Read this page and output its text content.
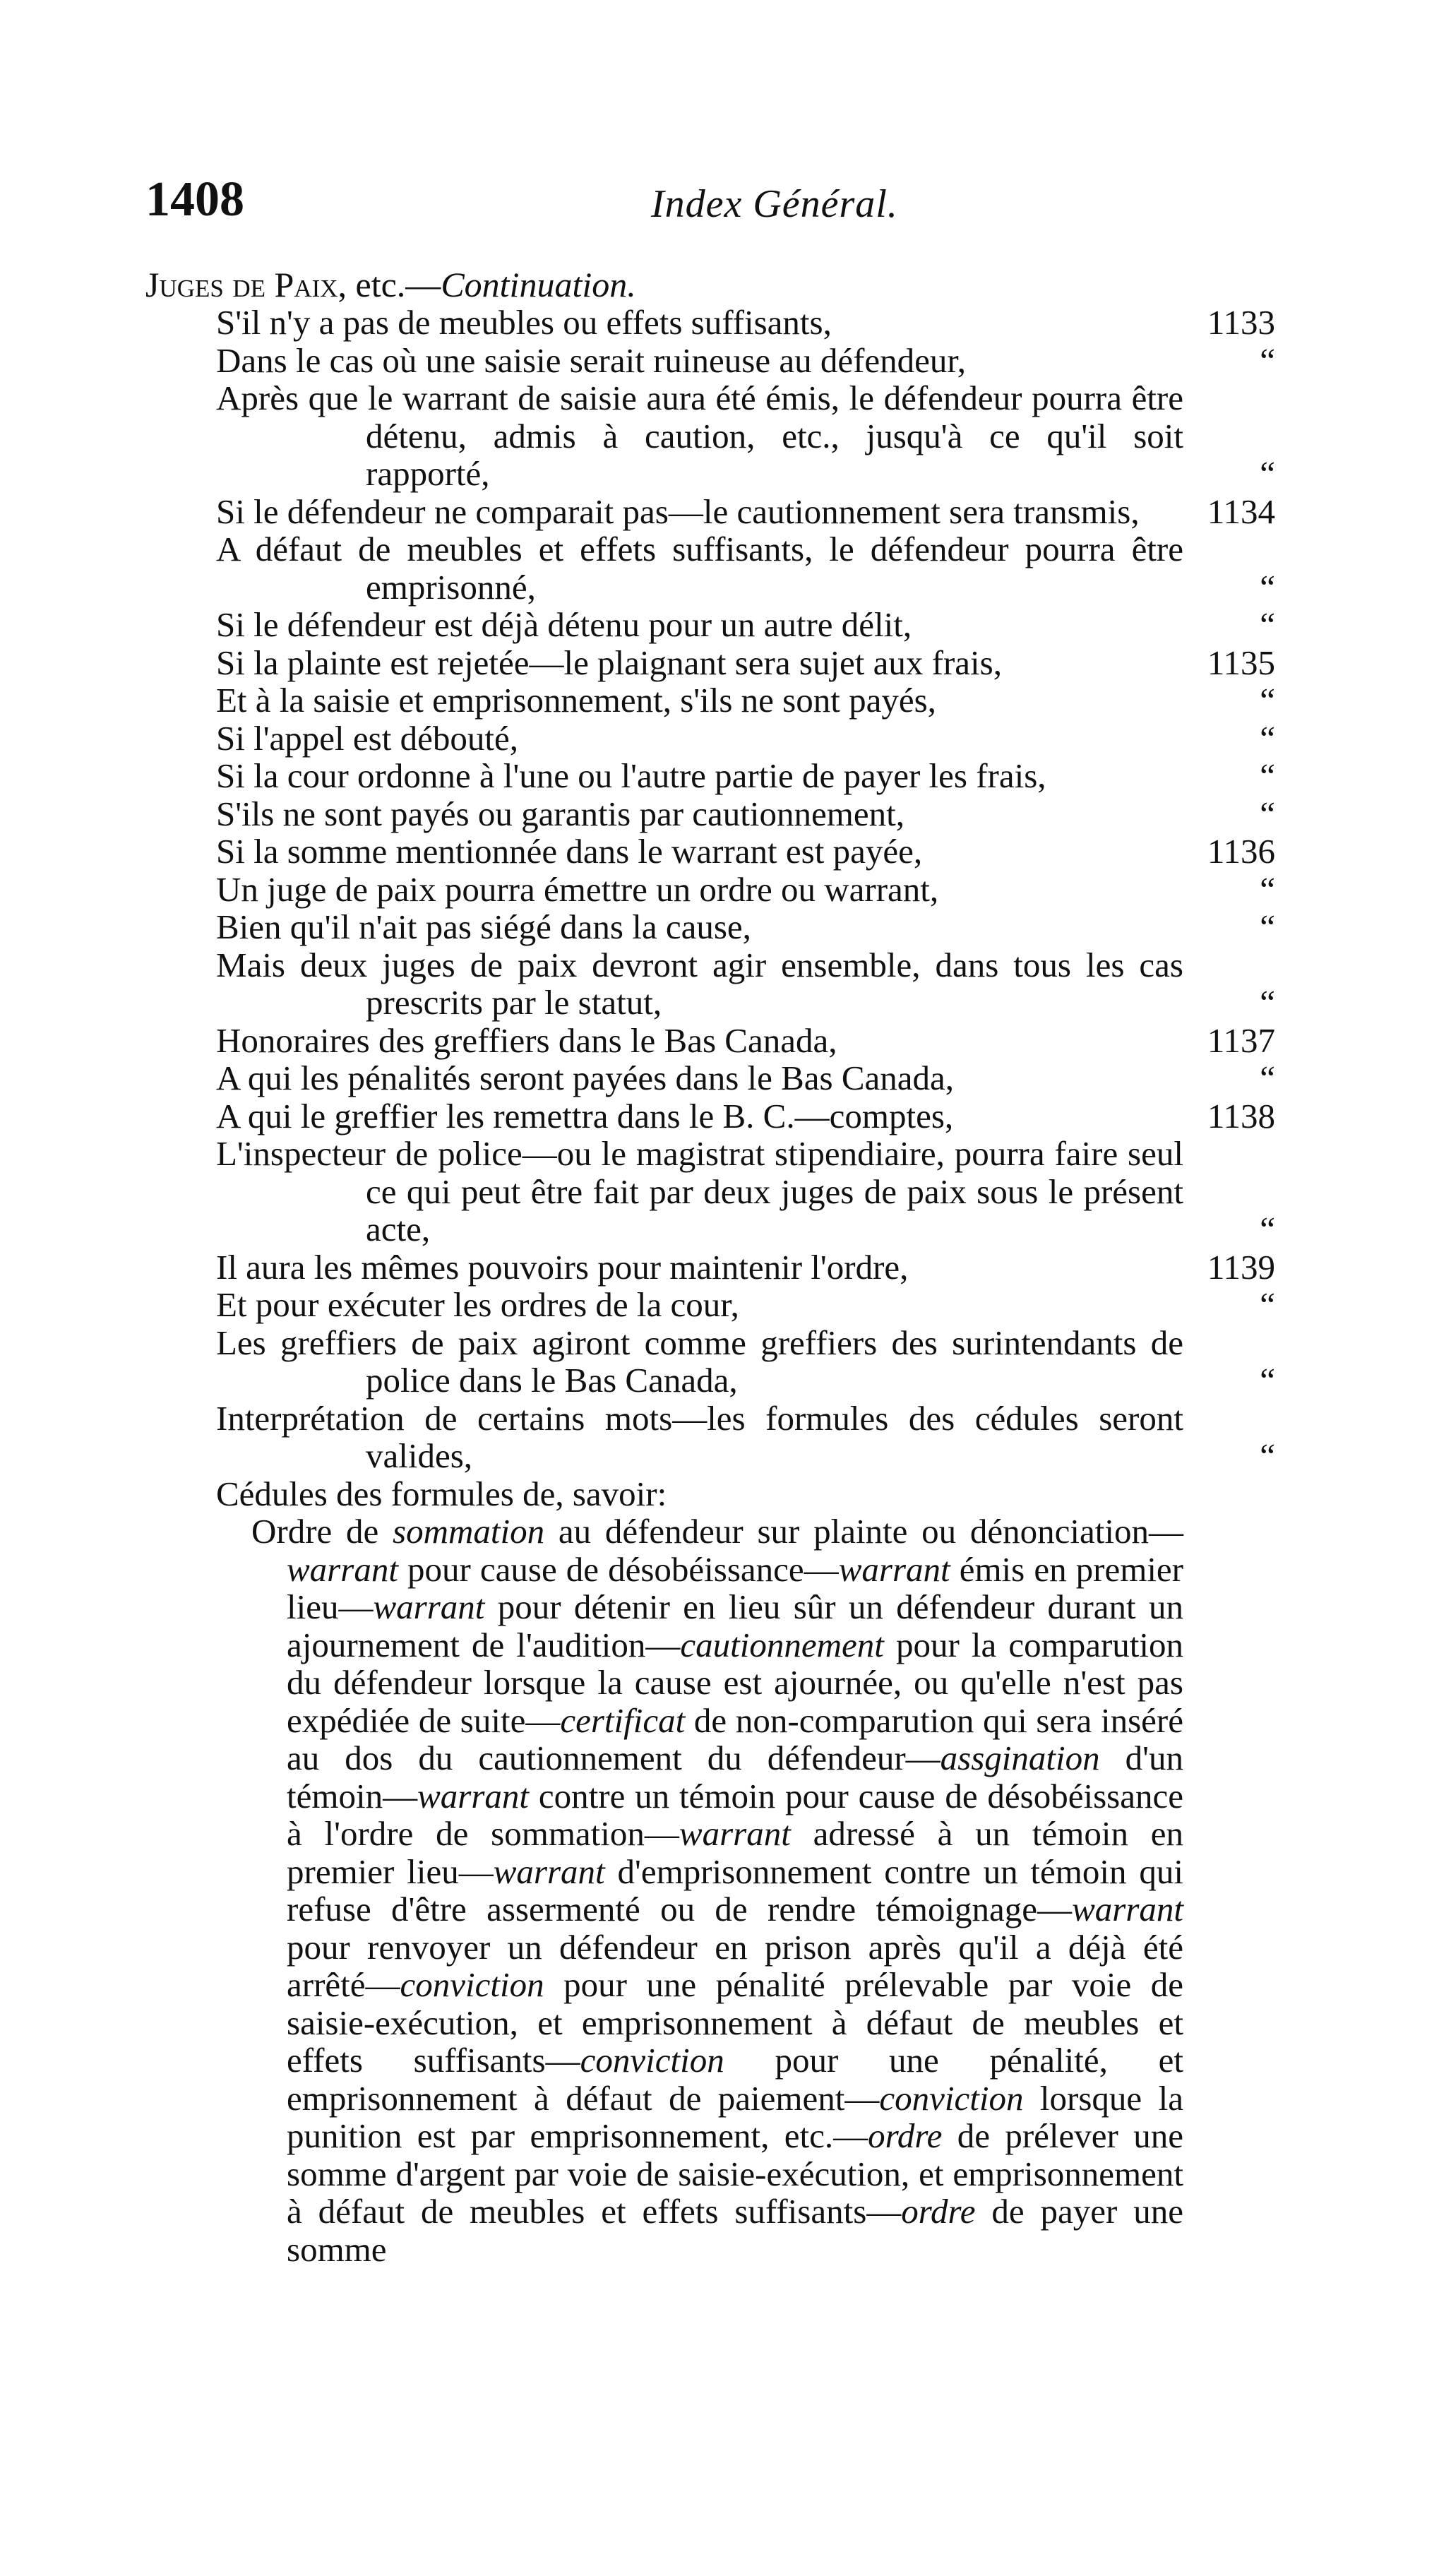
1408	Index Général.
Juges de Paix, etc.—Continuation.
S'il n'y a pas de meubles ou effets suffisants,	1133
Dans le cas où une saisie serait ruineuse au défendeur,	“
Après que le warrant de saisie aura été émis, le défendeur pourra être détenu, admis à caution, etc., jusqu'à ce qu'il soit rapporté,	“
Si le défendeur ne comparait pas—le cautionnement sera transmis,	1134
A défaut de meubles et effets suffisants, le défendeur pourra être emprisonné,	“
Si le défendeur est déjà détenu pour un autre délit,	“
Si la plainte est rejetée—le plaignant sera sujet aux frais,	1135
Et à la saisie et emprisonnement, s'ils ne sont payés,	“
Si l'appel est débouté,	“
Si la cour ordonne à l'une ou l'autre partie de payer les frais,	“
S'ils ne sont payés ou garantis par cautionnement,	“
Si la somme mentionnée dans le warrant est payée,	1136
Un juge de paix pourra émettre un ordre ou warrant,	“
Bien qu'il n'ait pas siégé dans la cause,	“
Mais deux juges de paix devront agir ensemble, dans tous les cas prescrits par le statut,	“
Honoraires des greffiers dans le Bas Canada,	1137
A qui les pénalités seront payées dans le Bas Canada,	“
A qui le greffier les remettra dans le B. C.—comptes,	1138
L'inspecteur de police—ou le magistrat stipendiaire, pourra faire seul ce qui peut être fait par deux juges de paix sous le présent acte,	“
Il aura les mêmes pouvoirs pour maintenir l'ordre,	1139
Et pour exécuter les ordres de la cour,	“
Les greffiers de paix agiront comme greffiers des surintendants de police dans le Bas Canada,	“
Interprétation de certains mots—les formules des cédules seront valides,	“
Cédules des formules de, savoir:
Ordre de sommation au défendeur sur plainte ou dénonciation—warrant pour cause de désobéissance—warrant émis en premier lieu—warrant pour détenir en lieu sûr un défendeur durant un ajournement de l'audition—cautionnement pour la comparution du défendeur lorsque la cause est ajournée, ou qu'elle n'est pas expédiée de suite—certificat de non-comparution qui sera inséré au dos du cautionnement du défendeur—assgination d'un témoin—warrant contre un témoin pour cause de désobéissance à l'ordre de sommation—warrant adressé à un témoin en premier lieu—warrant d'emprisonnement contre un témoin qui refuse d'être assermenté ou de rendre témoignage—warrant pour renvoyer un défendeur en prison après qu'il a déjà été arrêté—conviction pour une pénalité prélevable par voie de saisie-exécution, et emprisonnement à défaut de meubles et effets suffisants—conviction pour une pénalité, et emprisonnement à défaut de paiement—conviction lorsque la punition est par emprisonnement, etc.—ordre de prélever une somme d'argent par voie de saisie-exécution, et emprisonnement à défaut de meubles et effets suffisants—ordre de payer une somme
